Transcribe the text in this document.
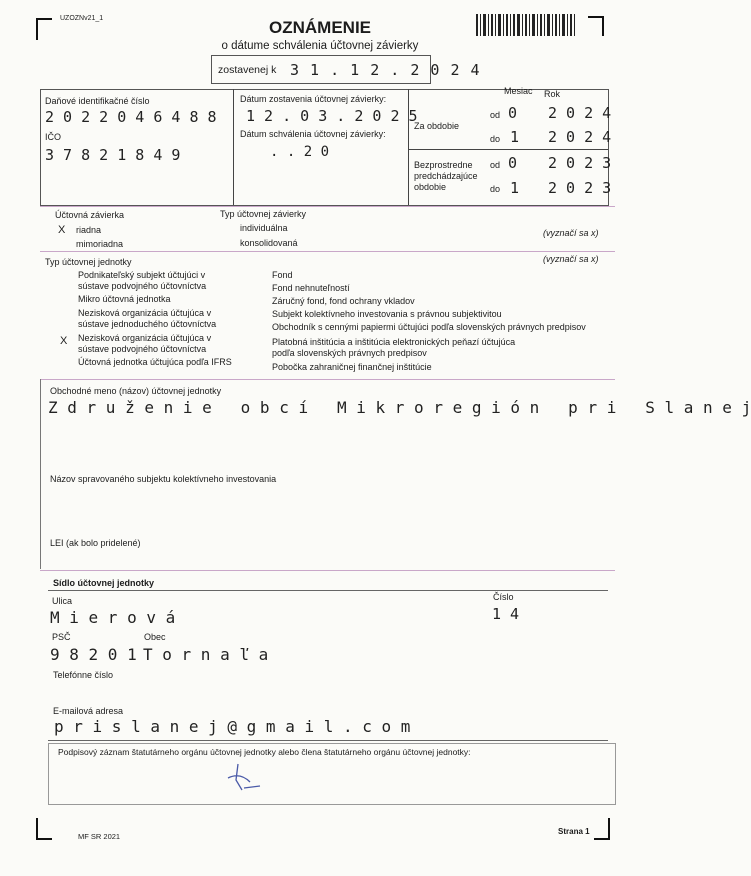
UZOZNv21_1	OZNÁMENIE
o dátume schválenia účtovnej závierky
zostavenej k 3 1 . 1 2 . 2 0 2 4
Daňové identifikačné číslo
2 0 2 2 0 4 6 4 8 8
IČO
3 7 8 2 1 8 4 9
Dátum zostavenia účtovnej závierky:
1 2 . 0 3 . 2 0 2 5
Dátum schválenia účtovnej závierky:
. . 2 0
Mesiac Rok
Za obdobie
od 0 2 0 2 4
do 1 2 0 2 4
Bezprostredne predchádzajúce obdobie
od 0 2 0 2 3
do 1 2 0 2 3
Účtovná závierka
X riadna
mimoriadna
Typ účtovnej závierky
individuálna
konsolidovaná
(vyznačí sa x)
Typ účtovnej jednotky	(vyznačí sa x)
Podnikateľský subjekt účtujúci v sústave podvojného účtovníctva
Mikro účtovná jednotka
Nezisková organizácia účtujúca v sústave jednoduchého účtovníctva
X Nezisková organizácia účtujúca v sústave podvojného účtovníctva
Účtovná jednotka účtujúca podľa IFRS
Fond
Fond nehnuteľností
Záručný fond, fond ochrany vkladov
Subjekt kolektívneho investovania s právnou subjektivitou
Obchodník s cennými papiermi účtujúci podľa slovenských právnych predpisov
Platobná inštitúcia a inštitúcia elektronických peňazí účtujúca podľa slovenských právnych predpisov
Pobočka zahraničnej finančnej inštitúcie
Obchodné meno (názov) účtovnej jednotky
Z d r u ž e n i e   o b c í   M i k r o r e g i ó n   p r i   S l a n e j
Názov spravovaného subjektu kolektívneho investovania
LEI (ak bolo pridelené)
Sídlo účtovnej jednotky
Ulica
M i e r o v á
Číslo
1 4
PSČ
9 8 2 0 1
Obec
T o r n a ľ a
Telefónne číslo
E-mailová adresa
p r i s l a n e j @ g m a i l . c o m
Podpisový záznam štatutárneho orgánu účtovnej jednotky alebo člena štatutárneho orgánu účtovnej jednotky:
MF SR 2021
Strana 1
